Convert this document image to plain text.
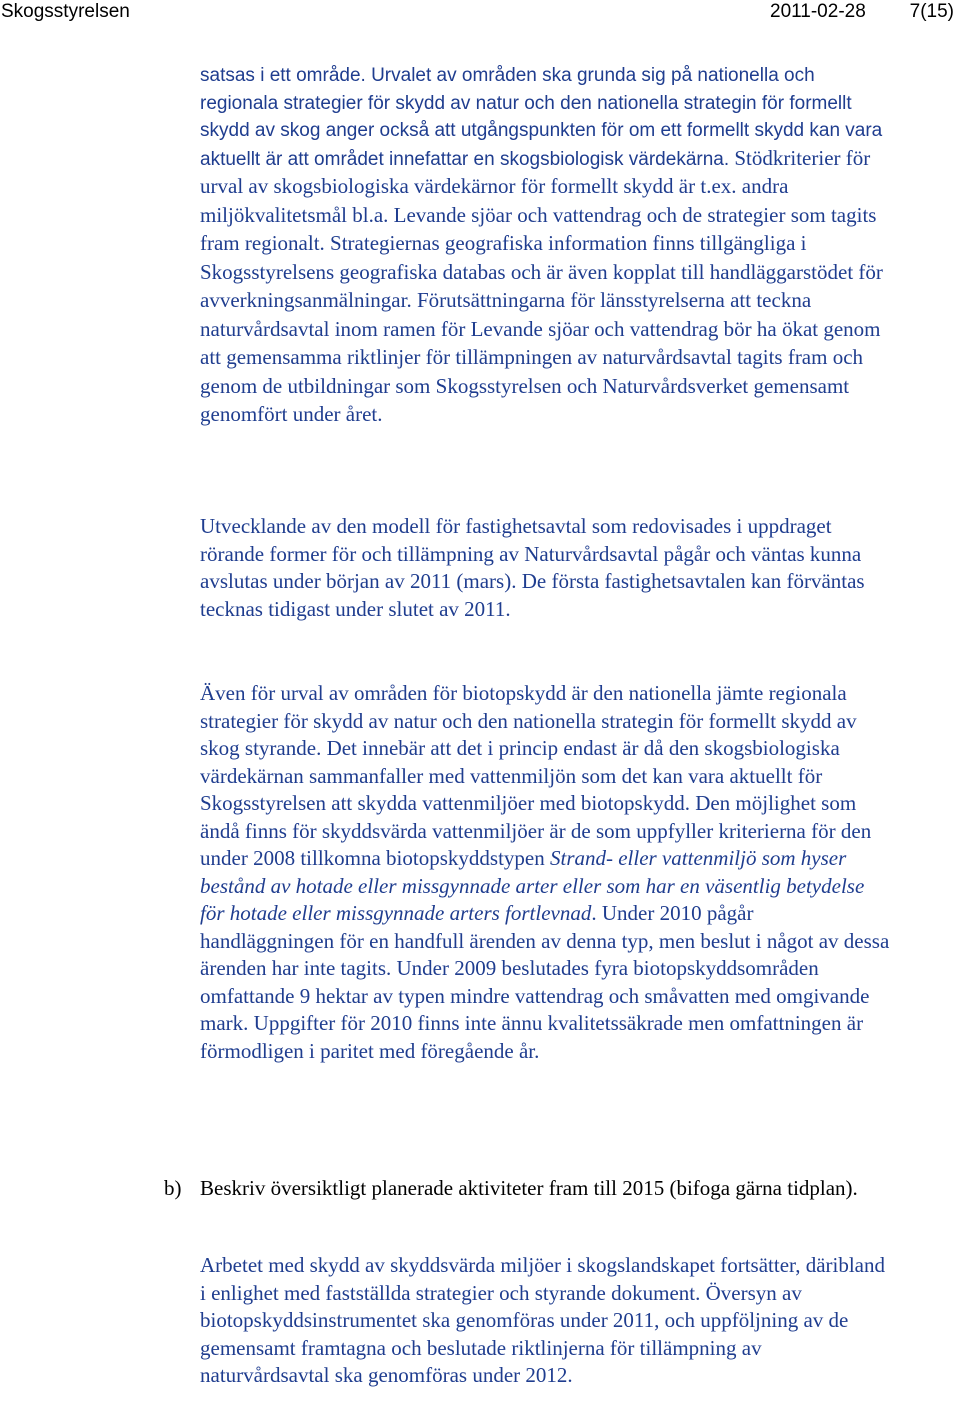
Skogsstyrelsen	2011-02-28 7(15)

satsas i ett område. Urvalet av områden ska grunda sig på nationella och regionala strategier för skydd av natur och den nationella strategin för formellt skydd av skog anger också att utgångspunkten för om ett formellt skydd kan vara aktuellt är att området innefattar en skogsbiologisk värdekärna. Stödkriterier för urval av skogsbiologiska värdekärnor för formellt skydd är t.ex. andra miljökvalitetsmål bl.a. Levande sjöar och vattendrag och de strategier som tagits fram regionalt. Strategiernas geografiska information finns tillgängliga i Skogsstyrelsens geografiska databas och är även kopplat till handläggarstödet för avverkningsanmälningar. Förutsättningarna för länsstyrelserna att teckna naturvårdsavtal inom ramen för Levande sjöar och vattendrag bör ha ökat genom att gemensamma riktlinjer för tillämpningen av naturvårdsavtal tagits fram och genom de utbildningar som Skogsstyrelsen och Naturvårdsverket gemensamt genomfört under året.

Utvecklande av den modell för fastighetsavtal som redovisades i uppdraget rörande former för och tillämpning av Naturvårdsavtal pågår och väntas kunna avslutas under början av 2011 (mars). De första fastighetsavtalen kan förväntas tecknas tidigast under slutet av 2011.

Även för urval av områden för biotopskydd är den nationella jämte regionala strategier för skydd av natur och den nationella strategin för formellt skydd av skog styrande. Det innebär att det i princip endast är då den skogsbiologiska värdekärnan sammanfaller med vattenmiljön som det kan vara aktuellt för Skogsstyrelsen att skydda vattenmiljöer med biotopskydd. Den möjlighet som ändå finns för skyddsvärda vattenmiljöer är de som uppfyller kriterierna för den under 2008 tillkomna biotopskyddstypen Strand- eller vattenmiljö som hyser bestånd av hotade eller missgynnade arter eller som har en väsentlig betydelse för hotade eller missgynnade arters fortlevnad. Under 2010 pågår handläggningen för en handfull ärenden av denna typ, men beslut i något av dessa ärenden har inte tagits. Under 2009 beslutades fyra biotopskyddsområden omfattande 9 hektar av typen mindre vattendrag och småvatten med omgivande mark. Uppgifter för 2010 finns inte ännu kvalitetssäkrade men omfattningen är förmodligen i paritet med föregående år.

b) Beskriv översiktligt planerade aktiviteter fram till 2015 (bifoga gärna tidplan).

Arbetet med skydd av skyddsvärda miljöer i skogslandskapet fortsätter, däribland i enlighet med fastställda strategier och styrande dokument. Översyn av biotopskyddsinstrumentet ska genomföras under 2011, och uppföljning av de gemensamt framtagna och beslutade riktlinjerna för tillämpning av naturvårdsavtal ska genomföras under 2012.
